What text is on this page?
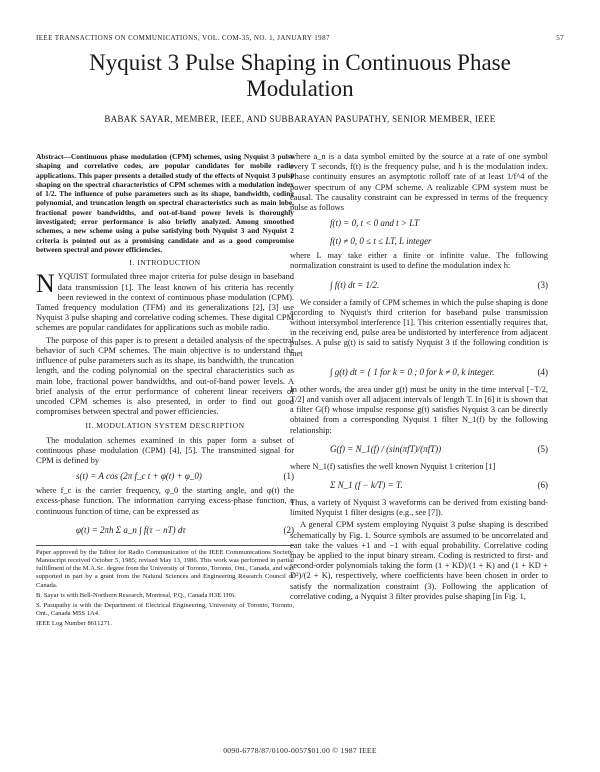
IEEE TRANSACTIONS ON COMMUNICATIONS, VOL. COM-35, NO. 1, JANUARY 1987	57
Nyquist 3 Pulse Shaping in Continuous Phase Modulation
BABAK SAYAR, MEMBER, IEEE, AND SUBBARAYAN PASUPATHY, SENIOR MEMBER, IEEE

Abstract—Continuous phase modulation (CPM) schemes, using Nyquist 3 pulse shaping and correlative codes, are popular candidates for mobile radio applications. This paper presents a detailed study of the effects of Nyquist 3 pulse shaping on the spectral characteristics of CPM schemes with a modulation index of 1/2. The influence of pulse parameters such as its shape, bandwidth, coding polynomial, and truncation length on spectral characteristics such as main lobe, fractional power bandwidths, and out-of-band power levels is thoroughly investigated; error performance is also briefly analyzed. Among smoothed schemes, a new scheme using a pulse satisfying both Nyquist 3 and Nyquist 2 criteria is pointed out as a promising candidate and as a good compromise between spectral and power efficiencies.

I. INTRODUCTION

NYQUIST formulated three major criteria for pulse design in baseband data transmission [1]. The least known of his criteria has recently been reviewed in the context of continuous phase modulation (CPM). Tamed frequency modulation (TFM) and its generalizations [2], [3] use Nyquist 3 pulse shaping and correlative coding schemes. These digital CPM schemes are popular candidates for applications such as mobile radio.

The purpose of this paper is to present a detailed analysis of the spectral behavior of such CPM schemes. The main objective is to understand the influence of pulse parameters such as its shape, its bandwidth, the truncation length, and the coding polynomial on the spectral characteristics such as main lobe, fractional power bandwidths, and out-of-band power levels. A brief analysis of the error performance of coherent linear receivers of uncoded CPM schemes is also presented, in order to find out good compromises between spectral and power efficiencies.

II. MODULATION SYSTEM DESCRIPTION

The modulation schemes examined in this paper form a subset of continuous phase modulation (CPM) [4], [5]. The transmitted signal for CPM is defined by

s(t) = A cos (2π f_c t + φ(t) + φ_0)	(1)

where f_c is the carrier frequency, φ_0 the starting angle, and φ(t) the excess-phase function. The information carrying excess-phase function, a continuous function of time, can be expressed as

φ(t) = 2πh Σ a_n ∫ f(τ − nT) dτ	(2)

Paper approved by the Editor for Radio Communication of the IEEE Communications Society. Manuscript received October 5, 1985; revised May 13, 1986. This work was performed in partial fulfillment of the M.A.Sc. degree from the University of Toronto, Toronto, Ont., Canada, and was supported in part by a grant from the Natural Sciences and Engineering Research Council of Canada.

B. Sayar is with Bell-Northern Research, Montreal, P.Q., Canada H3E 1H6.

S. Pasupathy is with the Department of Electrical Engineering, University of Toronto, Toronto, Ont., Canada M5S 1A4.

IEEE Log Number 8611271.

where a_n is a data symbol emitted by the source at a rate of one symbol every T seconds, f(t) is the frequency pulse, and h is the modulation index. Phase continuity ensures an asymptotic rolloff rate of at least 1/f^4 of the power spectrum of any CPM scheme. A realizable CPM system must be causal. The causality constraint can be expressed in terms of the frequency pulse as follows

f(t) = 0, t < 0 and t > LT
f(t) ≠ 0, 0 ≤ t ≤ LT, L integer

where L may take either a finite or infinite value. The following normalization constraint is used to define the modulation index h:

∫ f(t) dt = 1/2.	(3)

We consider a family of CPM schemes in which the pulse shaping is done according to Nyquist's third criterion for baseband pulse transmission without intersymbol interference [1]. This criterion essentially requires that, in the receiving end, pulse area be undistorted by interference from adjacent pulses. A pulse g(t) is said to satisfy Nyquist 3 if the following condition is met

∫ g(t) dt = { 1 for k = 0 ; 0 for k ≠ 0, k integer.	(4)

In other words, the area under g(t) must be unity in the time interval [−T/2, T/2] and vanish over all adjacent intervals of length T. In [6] it is shown that a filter G(f) whose impulse response g(t) satisfies Nyquist 3 can be directly obtained from a corresponding Nyquist 1 filter N_1(f) by the following relationship:

G(f) = N_1(f) / (sin(πfT)/(πfT))	(5)

where N_1(f) satisfies the well known Nyquist 1 criterion [1]

Σ N_1 (f − k/T) = T.	(6)

Thus, a variety of Nyquist 3 waveforms can be derived from existing band-limited Nyquist 1 filter designs (e.g., see [7]).

A general CPM system employing Nyquist 3 pulse shaping is described schematically by Fig. 1. Source symbols are assumed to be uncorrelated and can take the values +1 and −1 with equal probability. Correlative coding may be applied to the input binary stream. Coding is restricted to first- and second-order polynomials taking the form (1 + KD)/(1 + K) and (1 + KD + D²)/(2 + K), respectively, where coefficients have been chosen in order to satisfy the normalization constraint (3). Following the application of correlative coding, a Nyquist 3 filter provides pulse shaping [in Fig. 1,

0090-6778/87/0100-0057$01.00 © 1987 IEEE
